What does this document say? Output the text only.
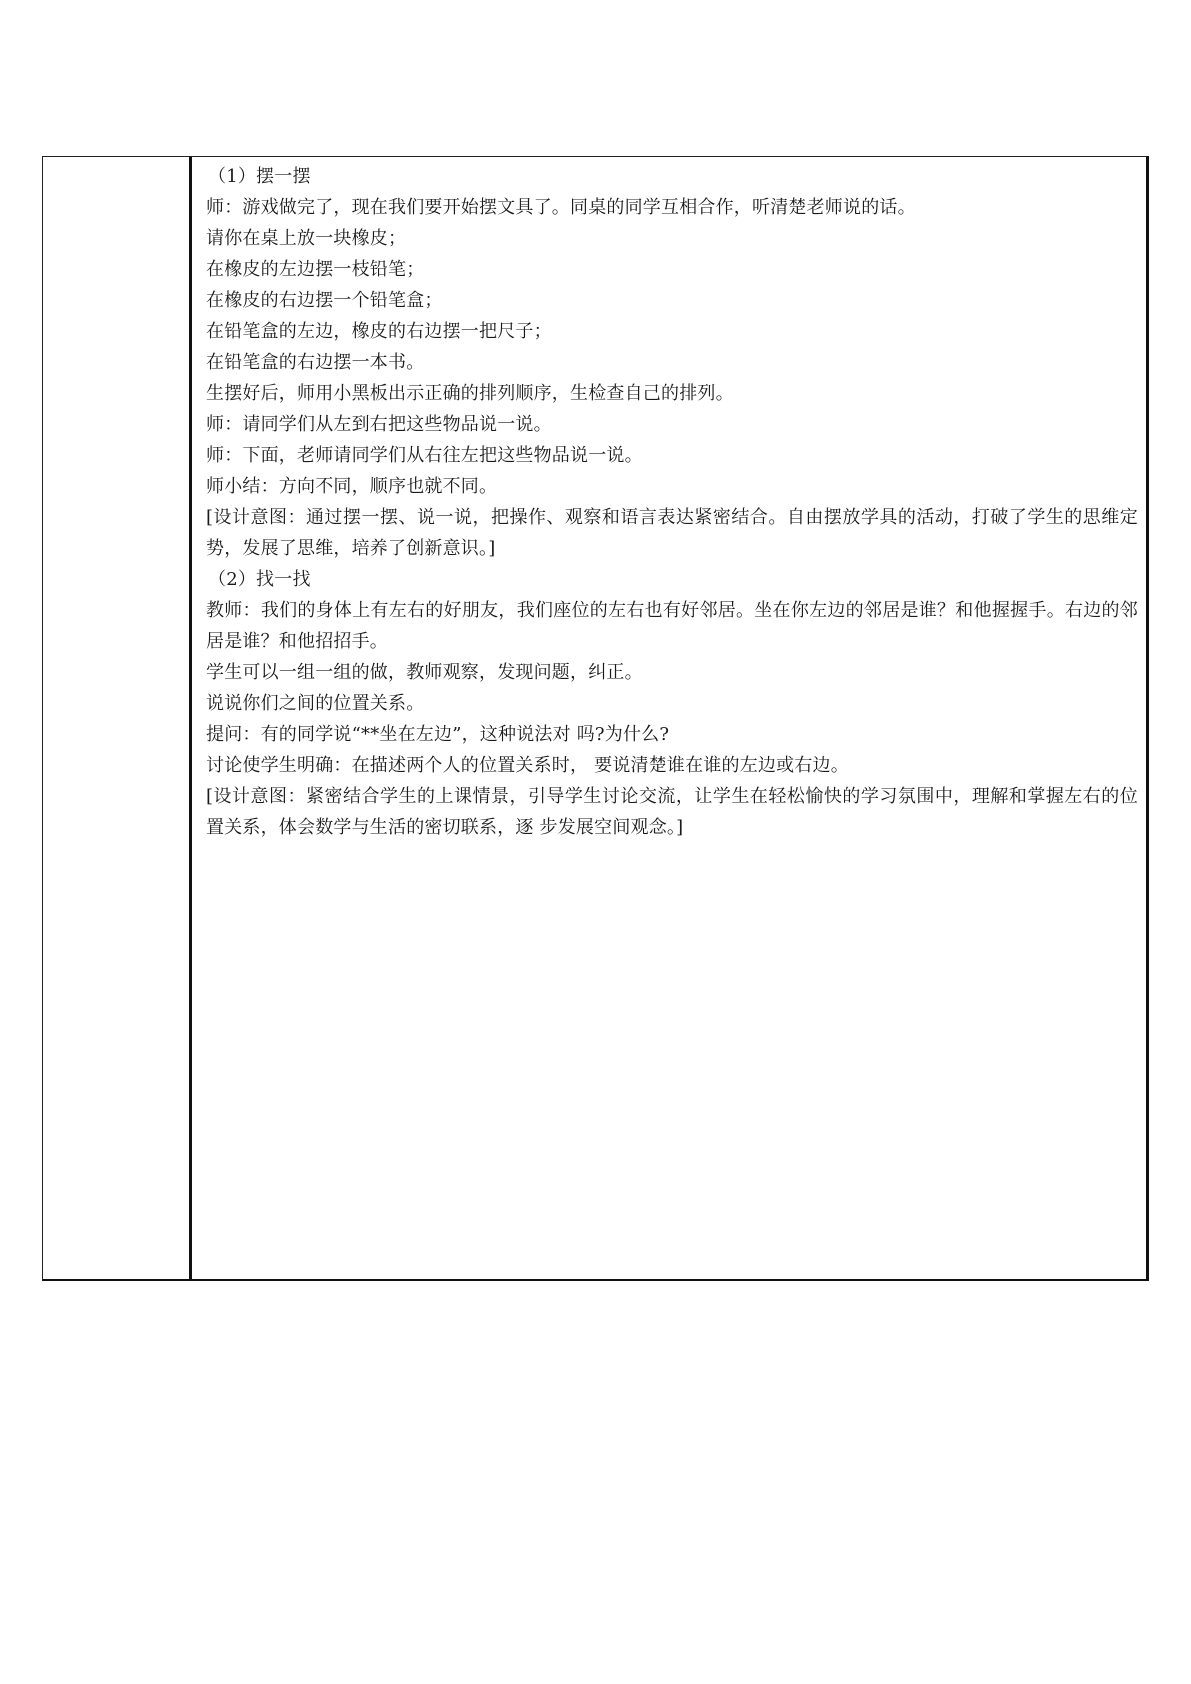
（1）摆一摆
师：游戏做完了，现在我们要开始摆文具了。同桌的同学互相合作，听清楚老师说的话。
请你在桌上放一块橡皮；
在橡皮的左边摆一枝铅笔；
在橡皮的右边摆一个铅笔盒；
在铅笔盒的左边，橡皮的右边摆一把尺子；
在铅笔盒的右边摆一本书。
生摆好后，师用小黑板出示正确的排列顺序，生检查自己的排列。
师：请同学们从左到右把这些物品说一说。
师：下面，老师请同学们从右往左把这些物品说一说。
师小结：方向不同，顺序也就不同。
[设计意图：通过摆一摆、说一说，把操作、观察和语言表达紧密结合。自由摆放学具的活动，打破了学生的思维定势，发展了思维，培养了创新意识。]
（2）找一找
教师：我们的身体上有左右的好朋友，我们座位的左右也有好邻居。坐在你左边的邻居是谁？和他握握手。右边的邻居是谁？和他招招手。
学生可以一组一组的做，教师观察，发现问题，纠正。
说说你们之间的位置关系。
提问：有的同学说“**坐在左边”，这种说法对 吗?为什么?
讨论使学生明确：在描述两个人的位置关系时， 要说清楚谁在谁的左边或右边。
[设计意图：紧密结合学生的上课情景，引导学生讨论交流，让学生在轻松愉快的学习氛围中，理解和掌握左右的位置关系，体会数学与生活的密切联系，逐 步发展空间观念。]
